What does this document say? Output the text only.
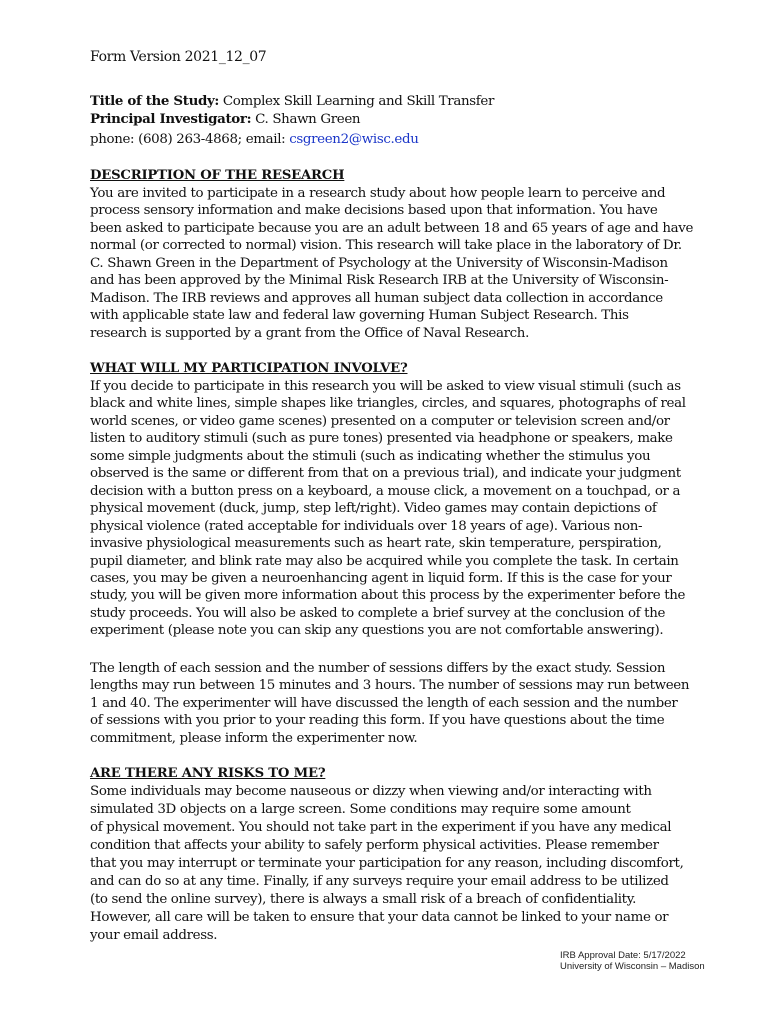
Form Version 2021_12_07
Title of the Study: Complex Skill Learning and Skill Transfer
Principal Investigator: C. Shawn Green
phone: (608) 263-4868; email: csgreen2@wisc.edu
DESCRIPTION OF THE RESEARCH
You are invited to participate in a research study about how people learn to perceive and
process sensory information and make decisions based upon that information. You have
been asked to participate because you are an adult between 18 and 65 years of age and have
normal (or corrected to normal) vision. This research will take place in the laboratory of Dr.
C. Shawn Green in the Department of Psychology at the University of Wisconsin-Madison
and has been approved by the Minimal Risk Research IRB at the University of Wisconsin-
Madison. The IRB reviews and approves all human subject data collection in accordance
with applicable state law and federal law governing Human Subject Research. This
research is supported by a grant from the Office of Naval Research.
WHAT WILL MY PARTICIPATION INVOLVE?
If you decide to participate in this research you will be asked to view visual stimuli (such as
black and white lines, simple shapes like triangles, circles, and squares, photographs of real
world scenes, or video game scenes) presented on a computer or television screen and/or
listen to auditory stimuli (such as pure tones) presented via headphone or speakers, make
some simple judgments about the stimuli (such as indicating whether the stimulus you
observed is the same or different from that on a previous trial), and indicate your judgment
decision with a button press on a keyboard, a mouse click, a movement on a touchpad, or a
physical movement (duck, jump, step left/right). Video games may contain depictions of
physical violence (rated acceptable for individuals over 18 years of age). Various non-
invasive physiological measurements such as heart rate, skin temperature, perspiration,
pupil diameter, and blink rate may also be acquired while you complete the task. In certain
cases, you may be given a neuroenhancing agent in liquid form. If this is the case for your
study, you will be given more information about this process by the experimenter before the
study proceeds. You will also be asked to complete a brief survey at the conclusion of the
experiment (please note you can skip any questions you are not comfortable answering).
The length of each session and the number of sessions differs by the exact study. Session
lengths may run between 15 minutes and 3 hours. The number of sessions may run between
1 and 40. The experimenter will have discussed the length of each session and the number
of sessions with you prior to your reading this form. If you have questions about the time
commitment, please inform the experimenter now.
ARE THERE ANY RISKS TO ME?
Some individuals may become nauseous or dizzy when viewing and/or interacting with
simulated 3D objects on a large screen. Some conditions may require some amount
of physical movement. You should not take part in the experiment if you have any medical
condition that affects your ability to safely perform physical activities. Please remember
that you may interrupt or terminate your participation for any reason, including discomfort,
and can do so at any time. Finally, if any surveys require your email address to be utilized
(to send the online survey), there is always a small risk of a breach of confidentiality.
However, all care will be taken to ensure that your data cannot be linked to your name or
your email address.
IRB Approval Date: 5/17/2022
University of Wisconsin – Madison
